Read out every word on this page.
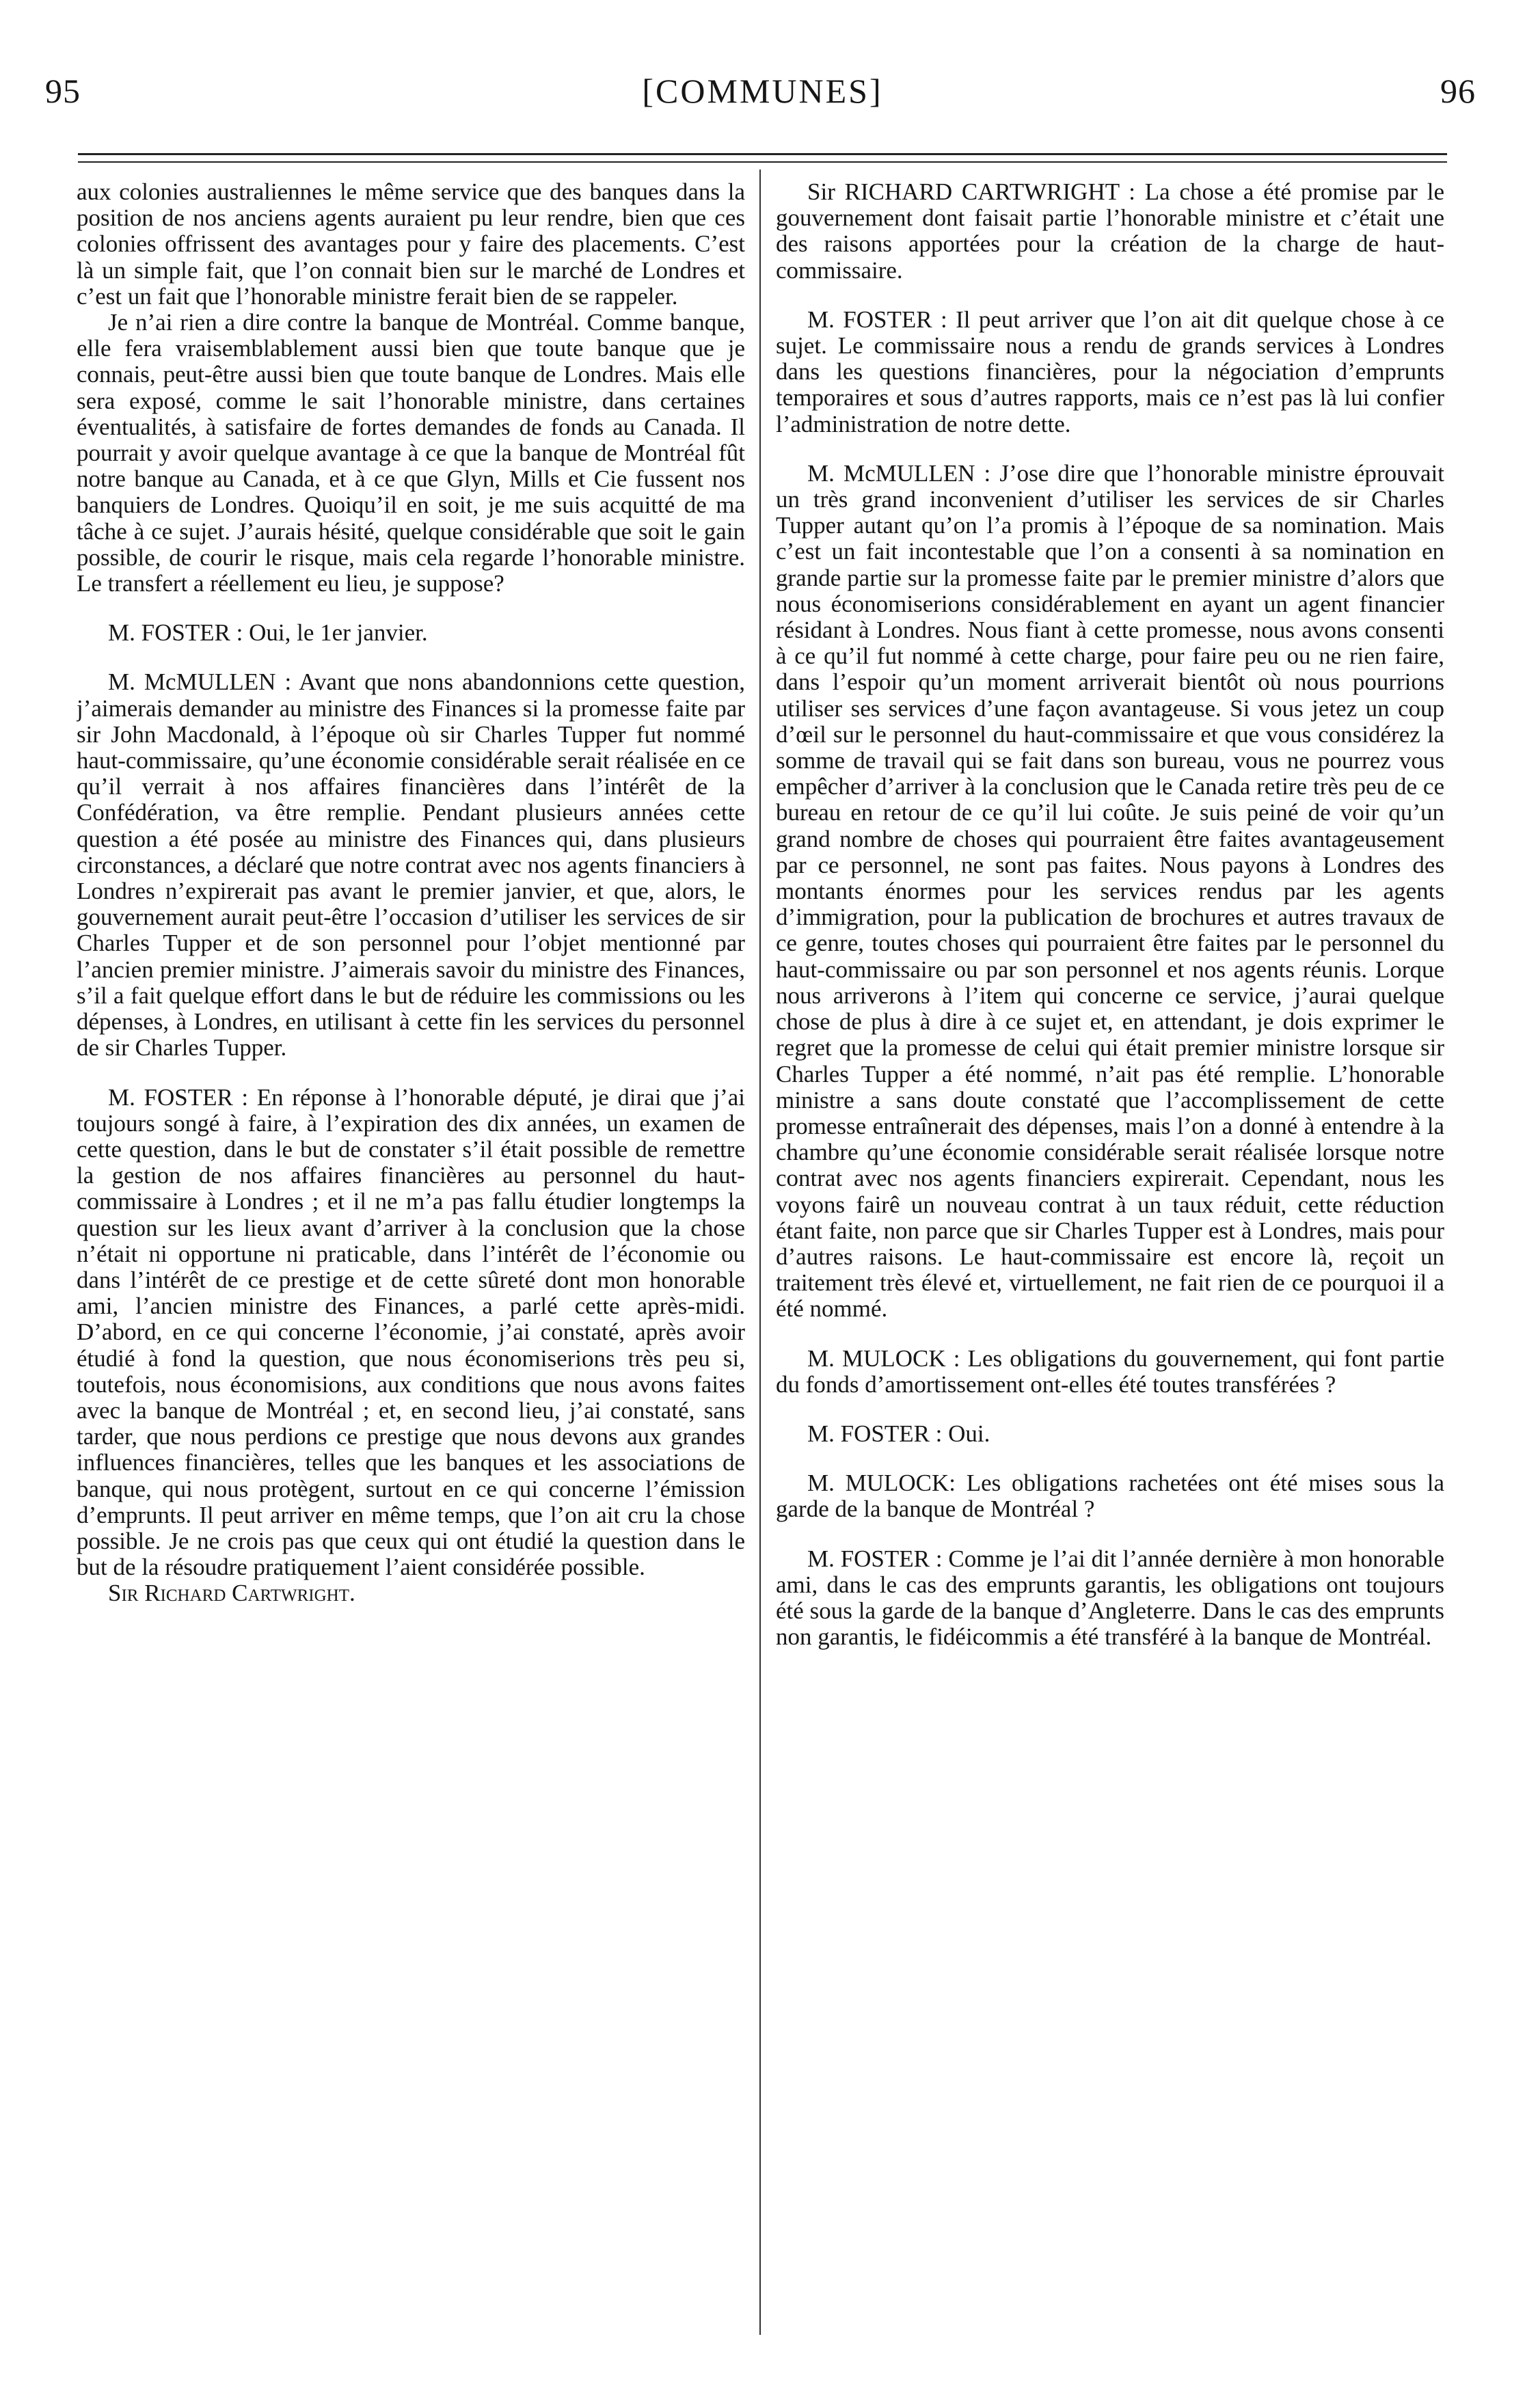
95	[COMMUNES]	96

aux colonies australiennes le même service que des banques dans la position de nos anciens agents auraient pu leur rendre, bien que ces colonies offrissent des avantages pour y faire des placements. C’est là un simple fait, que l’on connait bien sur le marché de Londres et c’est un fait que l’honorable ministre ferait bien de se rappeler.

Je n’ai rien a dire contre la banque de Montréal. Comme banque, elle fera vraisemblablement aussi bien que toute banque que je connais, peut-être aussi bien que toute banque de Londres. Mais elle sera exposé, comme le sait l’honorable ministre, dans certaines éventualités, à satisfaire de fortes demandes de fonds au Canada. Il pourrait y avoir quelque avantage à ce que la banque de Montréal fût notre banque au Canada, et à ce que Glyn, Mills et Cie fussent nos banquiers de Londres. Quoiqu’il en soit, je me suis acquitté de ma tâche à ce sujet. J’aurais hésité, quelque considérable que soit le gain possible, de courir le risque, mais cela regarde l’honorable ministre. Le transfert a réellement eu lieu, je suppose?

M. FOSTER : Oui, le 1er janvier.

M. McMULLEN : Avant que nons abandonnions cette question, j’aimerais demander au ministre des Finances si la promesse faite par sir John Macdonald, à l’époque où sir Charles Tupper fut nommé haut-commissaire, qu’une économie considérable serait réalisée en ce qu’il verrait à nos affaires financières dans l’intérêt de la Confédération, va être remplie. Pendant plusieurs années cette question a été posée au ministre des Finances qui, dans plusieurs circonstances, a déclaré que notre contrat avec nos agents financiers à Londres n’expirerait pas avant le premier janvier, et que, alors, le gouvernement aurait peut-être l’occasion d’utiliser les services de sir Charles Tupper et de son personnel pour l’objet mentionné par l’ancien premier ministre. J’aimerais savoir du ministre des Finances, s’il a fait quelque effort dans le but de réduire les commissions ou les dépenses, à Londres, en utilisant à cette fin les services du personnel de sir Charles Tupper.

M. FOSTER : En réponse à l’honorable député, je dirai que j’ai toujours songé à faire, à l’expiration des dix années, un examen de cette question, dans le but de constater s’il était possible de remettre la gestion de nos affaires financières au personnel du haut-commissaire à Londres ; et il ne m’a pas fallu étudier longtemps la question sur les lieux avant d’arriver à la conclusion que la chose n’était ni opportune ni praticable, dans l’intérêt de l’économie ou dans l’intérêt de ce prestige et de cette sûreté dont mon honorable ami, l’ancien ministre des Finances, a parlé cette après-midi. D’abord, en ce qui concerne l’économie, j’ai constaté, après avoir étudié à fond la question, que nous économiserions très peu si, toutefois, nous économisions, aux conditions que nous avons faites avec la banque de Montréal ; et, en second lieu, j’ai constaté, sans tarder, que nous perdions ce prestige que nous devons aux grandes influences financières, telles que les banques et les associations de banque, qui nous protègent, surtout en ce qui concerne l’émission d’emprunts. Il peut arriver en même temps, que l’on ait cru la chose possible. Je ne crois pas que ceux qui ont étudié la question dans le but de la résoudre pratiquement l’aient considérée possible.

Sir Richard Cartwright.

Sir RICHARD CARTWRIGHT : La chose a été promise par le gouvernement dont faisait partie l’honorable ministre et c’était une des raisons apportées pour la création de la charge de haut-commissaire.

M. FOSTER : Il peut arriver que l’on ait dit quelque chose à ce sujet. Le commissaire nous a rendu de grands services à Londres dans les questions financières, pour la négociation d’emprunts temporaires et sous d’autres rapports, mais ce n’est pas là lui confier l’administration de notre dette.

M. McMULLEN : J’ose dire que l’honorable ministre éprouvait un très grand inconvenient d’utiliser les services de sir Charles Tupper autant qu’on l’a promis à l’époque de sa nomination. Mais c’est un fait incontestable que l’on a consenti à sa nomination en grande partie sur la promesse faite par le premier ministre d’alors que nous économiserions considérablement en ayant un agent financier résidant à Londres. Nous fiant à cette promesse, nous avons consenti à ce qu’il fut nommé à cette charge, pour faire peu ou ne rien faire, dans l’espoir qu’un moment arriverait bientôt où nous pourrions utiliser ses services d’une façon avantageuse. Si vous jetez un coup d’œil sur le personnel du haut-commissaire et que vous considérez la somme de travail qui se fait dans son bureau, vous ne pourrez vous empêcher d’arriver à la conclusion que le Canada retire très peu de ce bureau en retour de ce qu’il lui coûte. Je suis peiné de voir qu’un grand nombre de choses qui pourraient être faites avantageusement par ce personnel, ne sont pas faites. Nous payons à Londres des montants énormes pour les services rendus par les agents d’immigration, pour la publication de brochures et autres travaux de ce genre, toutes choses qui pourraient être faites par le personnel du haut-commissaire ou par son personnel et nos agents réunis. Lorque nous arriverons à l’item qui concerne ce service, j’aurai quelque chose de plus à dire à ce sujet et, en attendant, je dois exprimer le regret que la promesse de celui qui était premier ministre lorsque sir Charles Tupper a été nommé, n’ait pas été remplie. L’honorable ministre a sans doute constaté que l’accomplissement de cette promesse entraînerait des dépenses, mais l’on a donné à entendre à la chambre qu’une économie considérable serait réalisée lorsque notre contrat avec nos agents financiers expirerait. Cependant, nous les voyons fairê un nouveau contrat à un taux réduit, cette réduction étant faite, non parce que sir Charles Tupper est à Londres, mais pour d’autres raisons. Le haut-commissaire est encore là, reçoit un traitement très élevé et, virtuellement, ne fait rien de ce pourquoi il a été nommé.

M. MULOCK : Les obligations du gouvernement, qui font partie du fonds d’amortissement ont-elles été toutes transférées ?

M. FOSTER : Oui.

M. MULOCK: Les obligations rachetées ont été mises sous la garde de la banque de Montréal ?

M. FOSTER : Comme je l’ai dit l’année dernière à mon honorable ami, dans le cas des emprunts garantis, les obligations ont toujours été sous la garde de la banque d’Angleterre. Dans le cas des emprunts non garantis, le fidéicommis a été transféré à la banque de Montréal.
